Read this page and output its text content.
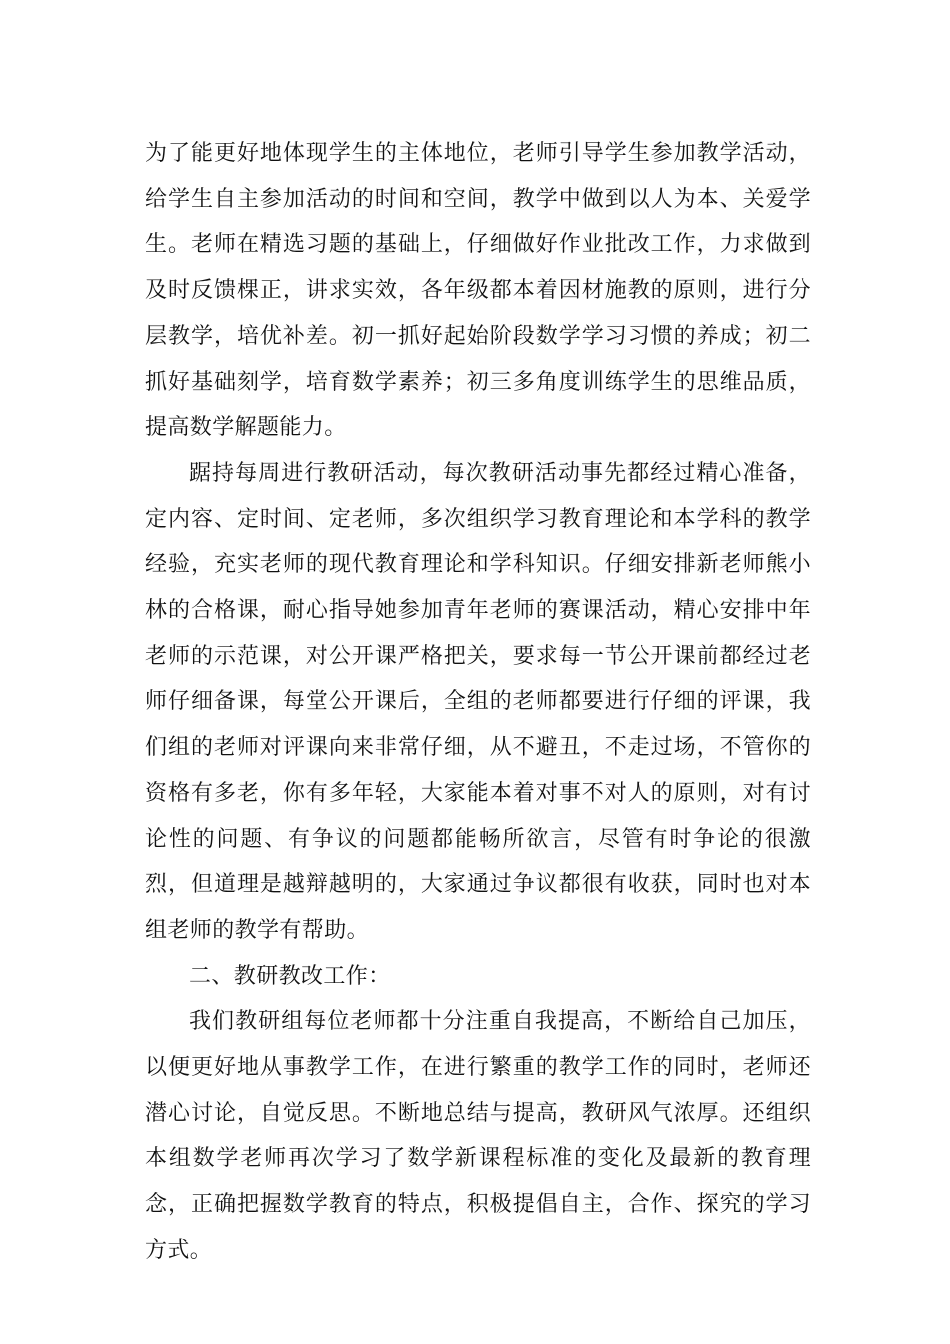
为了能更好地体现学生的主体地位，老师引导学生参加教学活动，给学生自主参加活动的时间和空间，教学中做到以人为本、关爱学生。老师在精选习题的基础上，仔细做好作业批改工作，力求做到及时反馈棵正，讲求实效，各年级都本着因材施教的原则，进行分层教学，培优补差。初一抓好起始阶段数学学习习惯的养成；初二抓好基础刻学，培育数学素养；初三多角度训练学生的思维品质，提高数学解题能力。

踞持每周进行教研活动，每次教研活动事先都经过精心准备，定内容、定时间、定老师，多次组织学习教育理论和本学科的教学经验，充实老师的现代教育理论和学科知识。仔细安排新老师熊小林的合格课，耐心指导她参加青年老师的赛课活动，精心安排中年老师的示范课，对公开课严格把关，要求每一节公开课前都经过老师仔细备课，每堂公开课后，全组的老师都要进行仔细的评课，我们组的老师对评课向来非常仔细，从不避丑，不走过场，不管你的资格有多老，你有多年轻，大家能本着对事不对人的原则，对有讨论性的问题、有争议的问题都能畅所欲言，尽管有时争论的很激烈，但道理是越辩越明的，大家通过争议都很有收获，同时也对本组老师的教学有帮助。

二、教研教改工作：

我们教研组每位老师都十分注重自我提高，不断给自己加压，以便更好地从事教学工作，在进行繁重的教学工作的同时，老师还潜心讨论，自觉反思。不断地总结与提高，教研风气浓厚。还组织本组数学老师再次学习了数学新课程标准的变化及最新的教育理念，正确把握数学教育的特点，积极提倡自主，合作、探究的学习方式。
